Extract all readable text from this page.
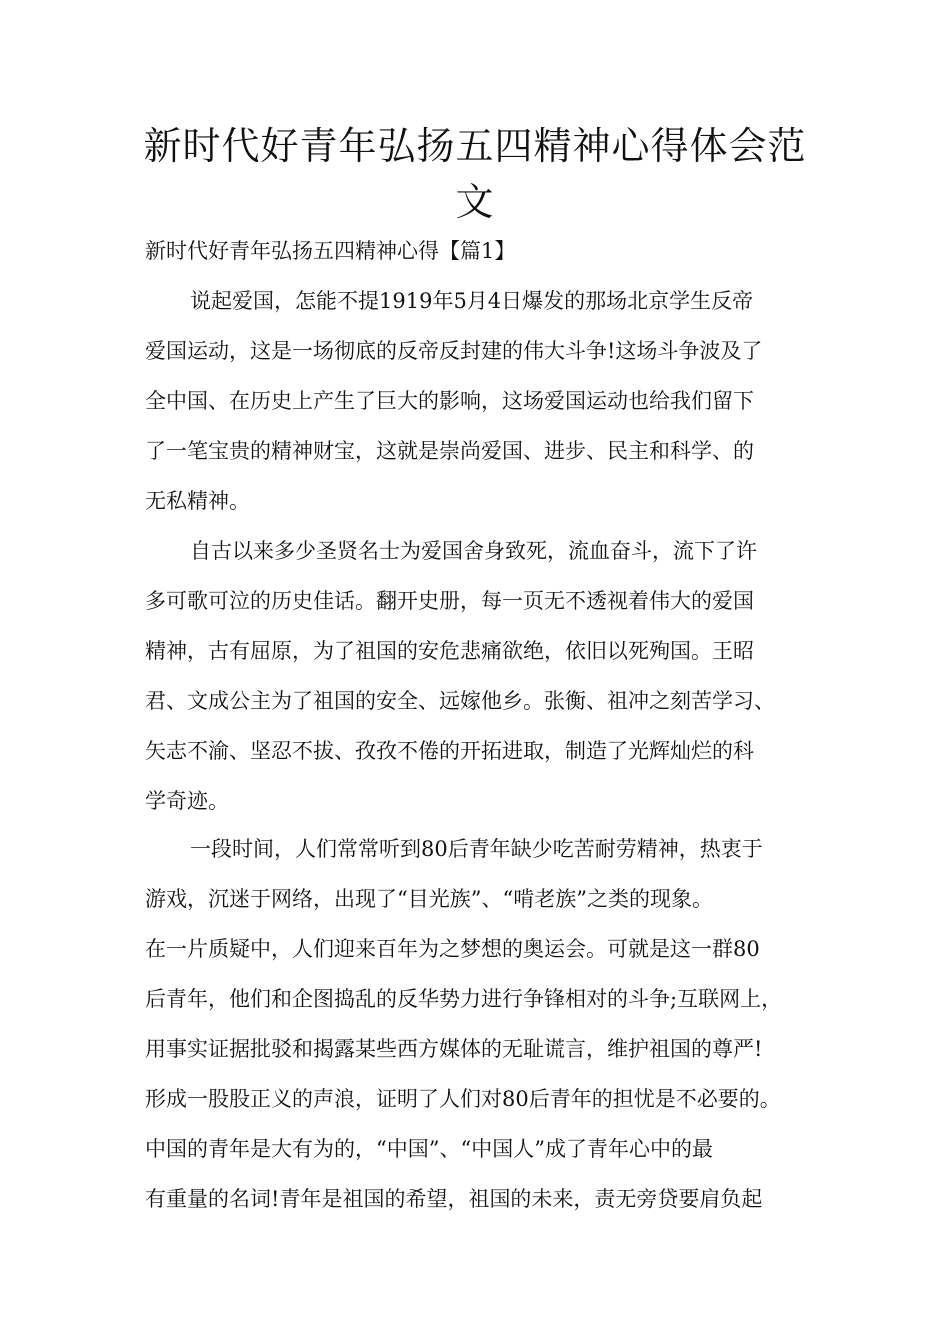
新时代好青年弘扬五四精神心得体会范
文
新时代好青年弘扬五四精神心得【篇1】
说起爱国，怎能不提1919年5月4日爆发的那场北京学生反帝
爱国运动，这是一场彻底的反帝反封建的伟大斗争!这场斗争波及了
全中国、在历史上产生了巨大的影响，这场爱国运动也给我们留下
了一笔宝贵的精神财宝，这就是崇尚爱国、进步、民主和科学、的
无私精神。
自古以来多少圣贤名士为爱国舍身致死，流血奋斗，流下了许
多可歌可泣的历史佳话。翻开史册，每一页无不透视着伟大的爱国
精神，古有屈原，为了祖国的安危悲痛欲绝，依旧以死殉国。王昭
君、文成公主为了祖国的安全、远嫁他乡。张衡、祖冲之刻苦学习、
矢志不渝、坚忍不拔、孜孜不倦的开拓进取，制造了光辉灿烂的科
学奇迹。
一段时间，人们常常听到80后青年缺少吃苦耐劳精神，热衷于
游戏，沉迷于网络，出现了“目光族”、“啃老族”之类的现象。
在一片质疑中，人们迎来百年为之梦想的奥运会。可就是这一群80
后青年，他们和企图捣乱的反华势力进行争锋相对的斗争;互联网上，
用事实证据批驳和揭露某些西方媒体的无耻谎言，维护祖国的尊严!
形成一股股正义的声浪，证明了人们对80后青年的担忧是不必要的。
中国的青年是大有为的，“中国”、“中国人”成了青年心中的最
有重量的名词!青年是祖国的希望，祖国的未来，责无旁贷要肩负起
